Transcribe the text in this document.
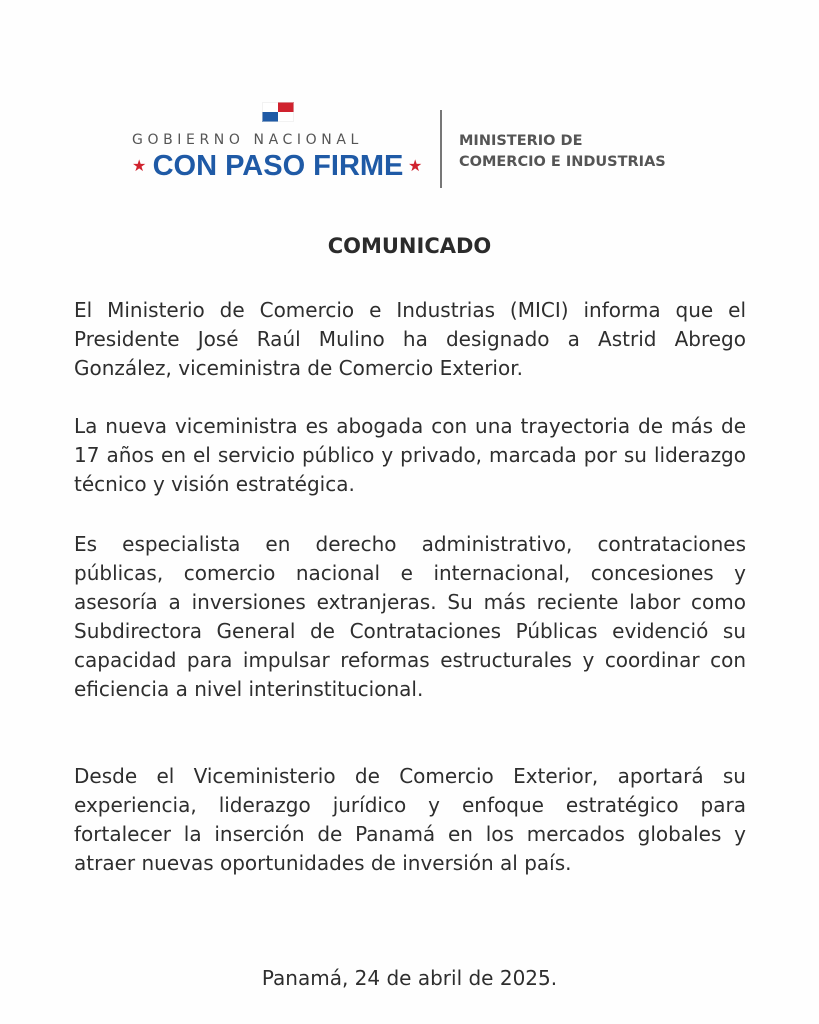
GOBIERNO NACIONAL
★ CON PASO FIRME ★
MINISTERIO DE
COMERCIO E INDUSTRIAS
COMUNICADO

El Ministerio de Comercio e Industrias (MICI) informa que el Presidente José Raúl Mulino ha designado a Astrid Abrego González, viceministra de Comercio Exterior.

La nueva viceministra es abogada con una trayectoria de más de 17 años en el servicio público y privado, marcada por su liderazgo técnico y visión estratégica.

Es especialista en derecho administrativo, contrataciones públicas, comercio nacional e internacional, concesiones y asesoría a inversiones extranjeras. Su más reciente labor como Subdirectora General de Contrataciones Públicas evidenció su capacidad para impulsar reformas estructurales y coordinar con eficiencia a nivel interinstitucional.

Desde el Viceministerio de Comercio Exterior, aportará su experiencia, liderazgo jurídico y enfoque estratégico para fortalecer la inserción de Panamá en los mercados globales y atraer nuevas oportunidades de inversión al país.

Panamá, 24 de abril de 2025.
